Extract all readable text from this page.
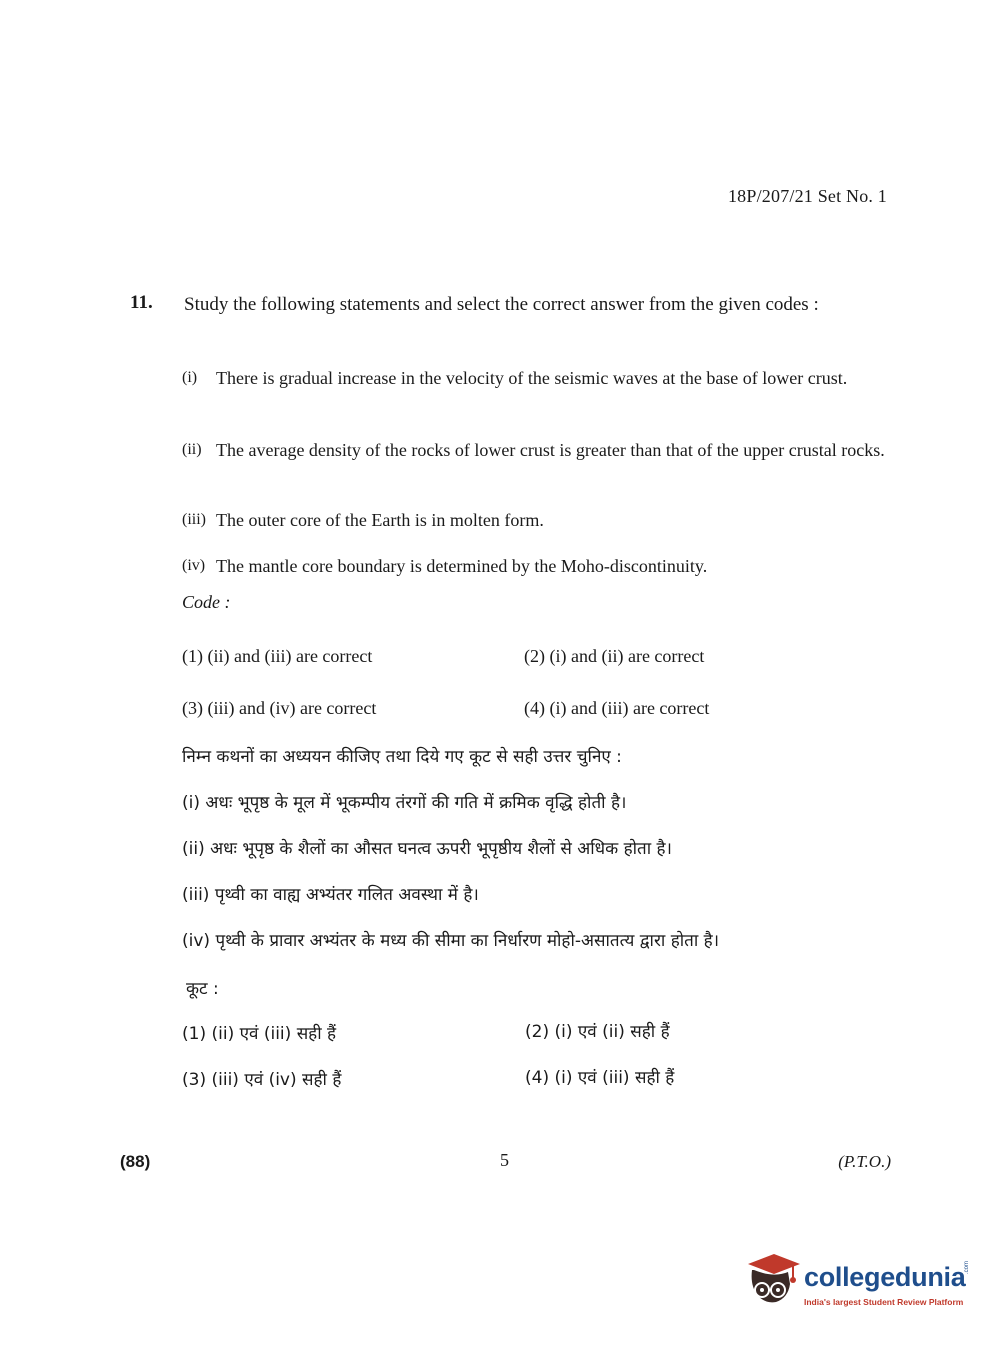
18P/207/21 Set No. 1
11. Study the following statements and select the correct answer from the given codes :
(i)	There is gradual increase in the velocity of the seismic waves at the base of lower crust.
(ii) The average density of the rocks of lower crust is greater than that of the upper crustal rocks.
(iii) The outer core of the Earth is in molten form.
(iv) The mantle core boundary is determined by the Moho-discontinuity.
Code :
(1) (ii) and (iii) are correct	(2) (i) and (ii) are correct
(3) (iii) and (iv) are correct	(4) (i) and (iii) are correct
निम्न कथनों का अध्ययन कीजिए तथा दिये गए कूट से सही उत्तर चुनिए :
(i) अधः भूपृष्ठ के मूल में भूकम्पीय तंरगों की गति में क्रमिक वृद्धि होती है।
(ii) अधः भूपृष्ठ के शैलों का औसत घनत्व ऊपरी भूपृष्ठीय शैलों से अधिक होता है।
(iii) पृथ्वी का वाह्य अभ्यंतर गलित अवस्था में है।
(iv) पृथ्वी के प्रावार अभ्यंतर के मध्य की सीमा का निर्धारण मोहो-असातत्य द्वारा होता है।
कूट :
(1) (ii) एवं (iii) सही हैं	(2) (i) एवं (ii) सही हैं
(3) (iii) एवं (iv) सही हैं	(4) (i) एवं (iii) सही हैं
(88)	5	(P.T.O.)
collegedunia
.com
India's largest Student Review Platform
